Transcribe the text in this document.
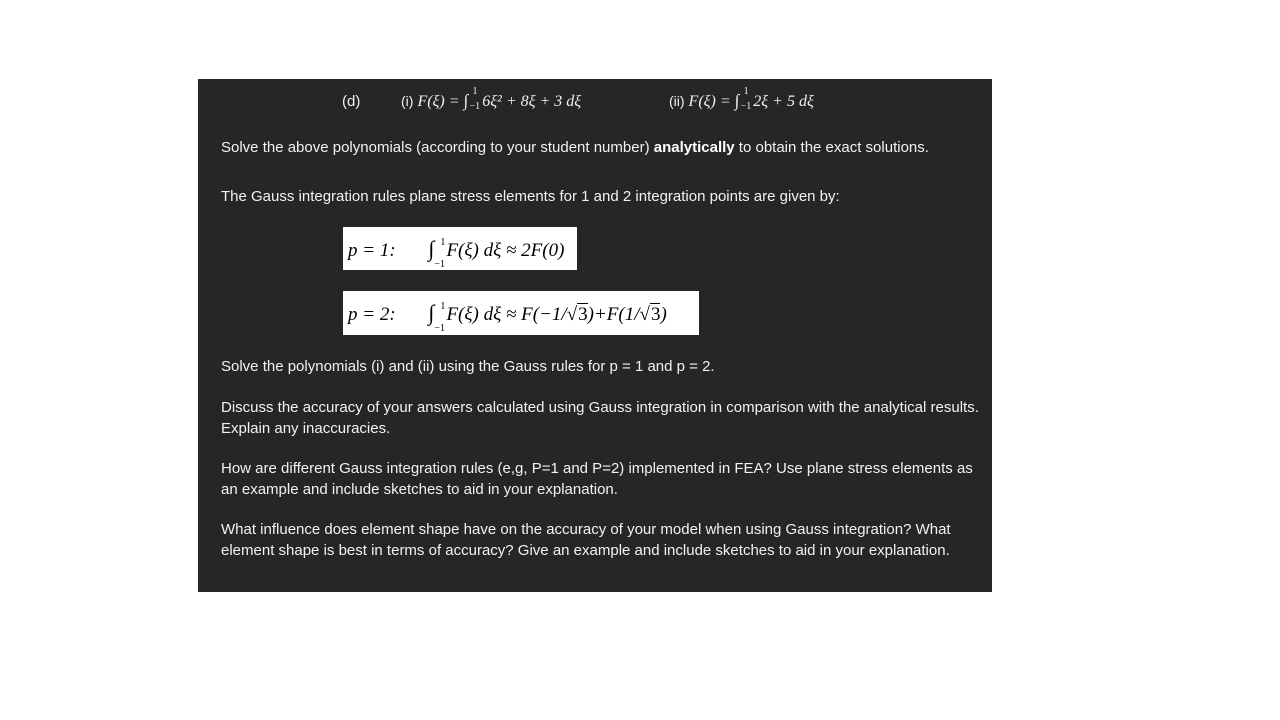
(d)	(i) F(ξ) = ∫ 1
−1 6ξ² + 8ξ + 3 dξ	(ii) F(ξ) = ∫ 1
−1 2ξ + 5 dξ
Solve the above polynomials (according to your student number) analytically to obtain the exact solutions.
The Gauss integration rules plane stress elements for 1 and 2 integration points are given by:
p = 1: ∫ 1
−1
F(ξ) dξ ≈ 2F(0)
p = 2: ∫ 1
−1
F(ξ) dξ ≈ F(−1/√3)+F(1/√3)
Solve the polynomials (i) and (ii) using the Gauss rules for p = 1 and p = 2.
Discuss the accuracy of your answers calculated using Gauss integration in comparison with the analytical results. Explain any inaccuracies.
How are different Gauss integration rules (e,g, P=1 and P=2) implemented in FEA? Use plane stress elements as an example and include sketches to aid in your explanation.
What influence does element shape have on the accuracy of your model when using Gauss integration? What element shape is best in terms of accuracy? Give an example and include sketches to aid in your explanation.
